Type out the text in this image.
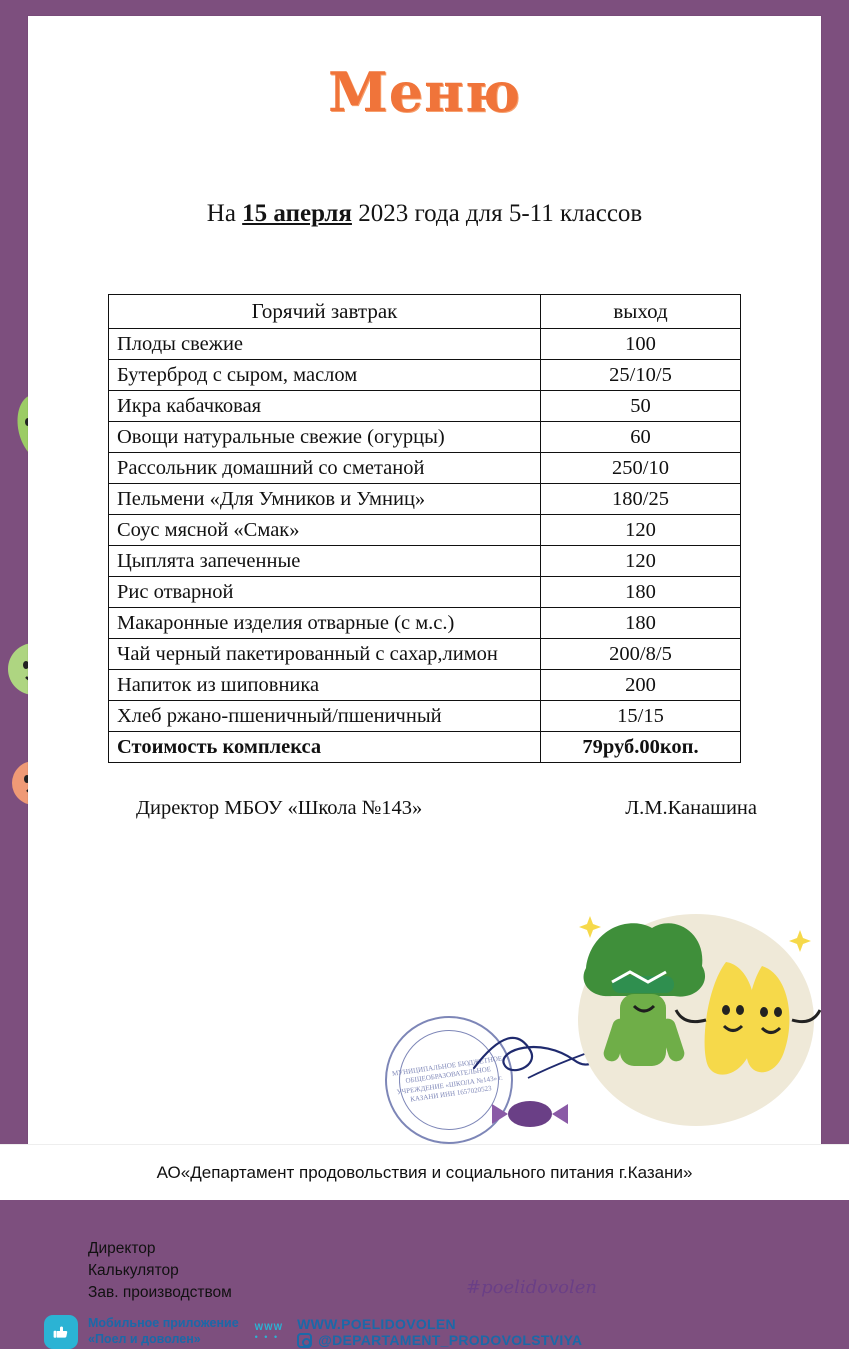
Меню
На 15 аперля 2023 года для 5-11 классов
Горячий завтрак	выход
Плоды свежие	100
Бутерброд с сыром, маслом	25/10/5
Икра кабачковая	50
Овощи натуральные свежие (огурцы)	60
Рассольник домашний со сметаной	250/10
Пельмени «Для Умников и Умниц»	180/25
Соус мясной «Смак»	120
Цыплята запеченные	120
Рис отварной	180
Макаронные изделия отварные (с м.с.)	180
Чай черный пакетированный с сахар,лимон	200/8/5
Напиток из шиповника	200
Хлеб ржано-пшеничный/пшеничный	15/15
Стоимость комплекса	79руб.00коп.
Директор МБОУ «Школа №143»	Л.М.Канашина
МУНИЦИПАЛЬНОЕ БЮДЖЕТНОЕ ОБЩЕОБРАЗОВАТЕЛЬНОЕ УЧРЕЖДЕНИЕ «ШКОЛА №143» г. КАЗАНИ ИНН 1657020523
Директор
Калькулятор
Зав. производством	#poelidovolen
Мобильное приложение
«Поел и доволен»
WWW
• • •
WWW.POELIDOVOLEN
@DEPARTAMENT_PRODOVOLSTVIYA
АО«Департамент продовольствия и социального питания г.Казани»
